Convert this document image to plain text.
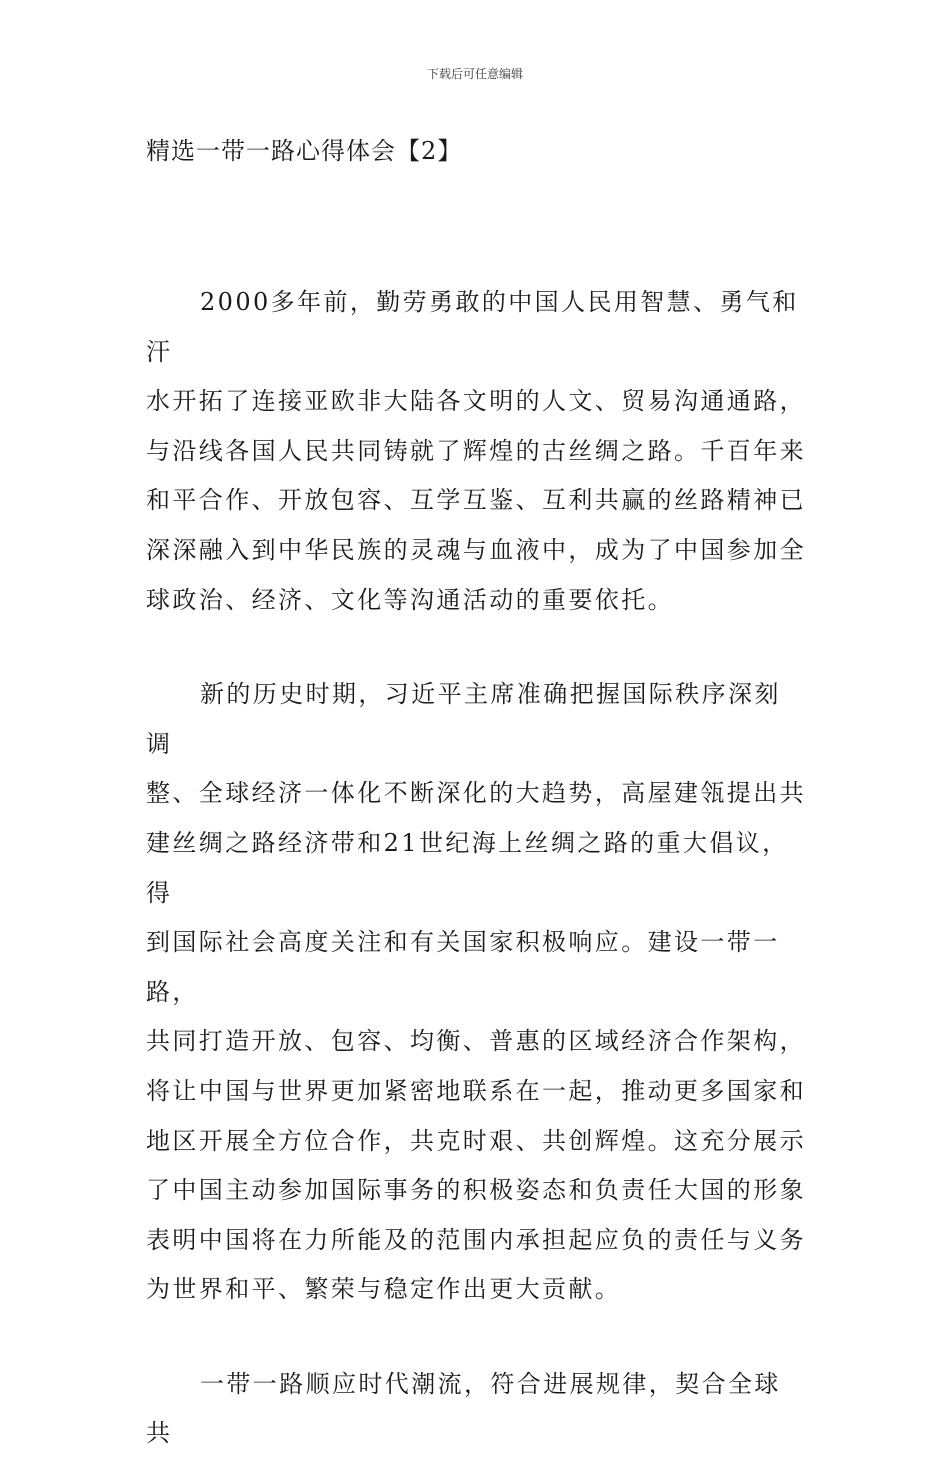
下载后可任意编辑
精选一带一路心得体会【2】

2000多年前，勤劳勇敢的中国人民用智慧、勇气和汗
水开拓了连接亚欧非大陆各文明的人文、贸易沟通通路，
与沿线各国人民共同铸就了辉煌的古丝绸之路。千百年来
和平合作、开放包容、互学互鉴、互利共赢的丝路精神已
深深融入到中华民族的灵魂与血液中，成为了中国参加全
球政治、经济、文化等沟通活动的重要依托。

新的历史时期，习近平主席准确把握国际秩序深刻调
整、全球经济一体化不断深化的大趋势，高屋建瓴提出共
建丝绸之路经济带和21世纪海上丝绸之路的重大倡议，得
到国际社会高度关注和有关国家积极响应。建设一带一路，
共同打造开放、包容、均衡、普惠的区域经济合作架构，
将让中国与世界更加紧密地联系在一起，推动更多国家和
地区开展全方位合作，共克时艰、共创辉煌。这充分展示
了中国主动参加国际事务的积极姿态和负责任大国的形象
表明中国将在力所能及的范围内承担起应负的责任与义务
为世界和平、繁荣与稳定作出更大贡献。

一带一路顺应时代潮流，符合进展规律，契合全球共
